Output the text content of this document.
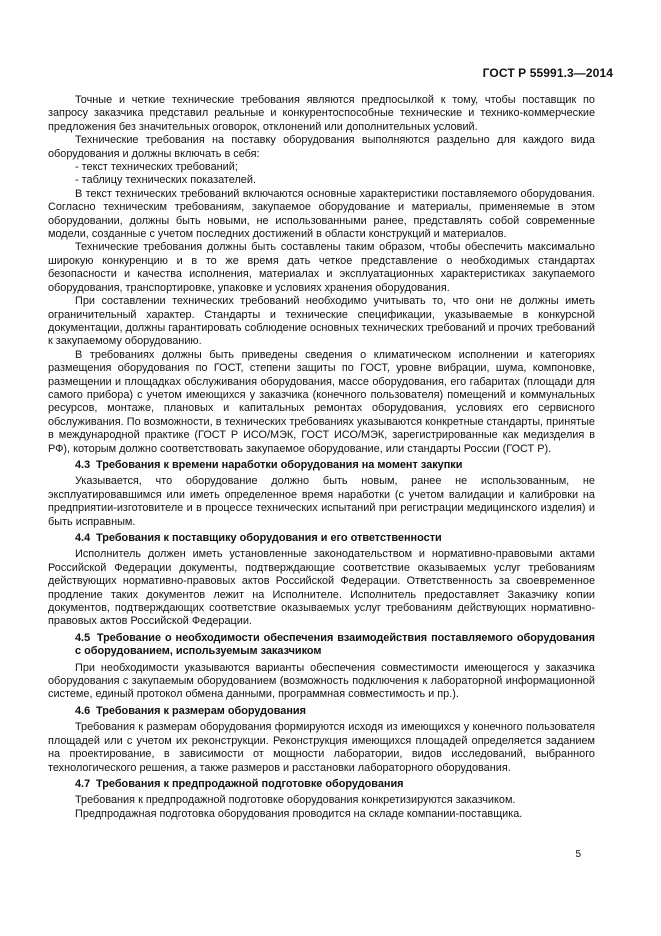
ГОСТ Р 55991.3—2014

Точные и четкие технические требования являются предпосылкой к тому, чтобы поставщик по запросу заказчика представил реальные и конкурентоспособные технические и технико-коммерческие предложения без значительных оговорок, отклонений или дополнительных условий.

Технические требования на поставку оборудования выполняются раздельно для каждого вида оборудования и должны включать в себя:

- текст технических требований;

- таблицу технических показателей.

В текст технических требований включаются основные характеристики поставляемого оборудования. Согласно техническим требованиям, закупаемое оборудование и материалы, применяемые в этом оборудовании, должны быть новыми, не использованными ранее, представлять собой современные модели, созданные с учетом последних достижений в области конструкций и материалов.

Технические требования должны быть составлены таким образом, чтобы обеспечить максимально широкую конкуренцию и в то же время дать четкое представление о необходимых стандартах безопасности и качества исполнения, материалах и эксплуатационных характеристиках закупаемого оборудования, транспортировке, упаковке и условиях хранения оборудования.

При составлении технических требований необходимо учитывать то, что они не должны иметь ограничительный характер. Стандарты и технические спецификации, указываемые в конкурсной документации, должны гарантировать соблюдение основных технических требований и прочих требований к закупаемому оборудованию.

В требованиях должны быть приведены сведения о климатическом исполнении и категориях размещения оборудования по ГОСТ, степени защиты по ГОСТ, уровне вибрации, шума, компоновке, размещении и площадках обслуживания оборудования, массе оборудования, его габаритах (площади для самого прибора) с учетом имеющихся у заказчика (конечного пользователя) помещений и коммунальных ресурсов, монтаже, плановых и капитальных ремонтах оборудования, условиях его сервисного обслуживания. По возможности, в технических требованиях указываются конкретные стандарты, принятые в международной практике (ГОСТ Р ИСО/МЭК, ГОСТ ИСО/МЭК, зарегистрированные как медизделия в РФ), которым должно соответствовать закупаемое оборудование, или стандарты России (ГОСТ Р).

4.3 Требования к времени наработки оборудования на момент закупки

Указывается, что оборудование должно быть новым, ранее не использованным, не эксплуатировавшимся или иметь определенное время наработки (с учетом валидации и калибровки на предприятии-изготовителе и в процессе технических испытаний при регистрации медицинского изделия) и быть исправным.

4.4 Требования к поставщику оборудования и его ответственности

Исполнитель должен иметь установленные законодательством и нормативно-правовыми актами Российской Федерации документы, подтверждающие соответствие оказываемых услуг требованиям действующих нормативно-правовых актов Российской Федерации. Ответственность за своевременное продление таких документов лежит на Исполнителе. Исполнитель предоставляет Заказчику копии документов, подтверждающих соответствие оказываемых услуг требованиям действующих нормативно-правовых актов Российской Федерации.

4.5 Требование о необходимости обеспечения взаимодействия поставляемого оборудования с оборудованием, используемым заказчиком

При необходимости указываются варианты обеспечения совместимости имеющегося у заказчика оборудования с закупаемым оборудованием (возможность подключения к лабораторной информационной системе, единый протокол обмена данными, программная совместимость и пр.).

4.6 Требования к размерам оборудования

Требования к размерам оборудования формируются исходя из имеющихся у конечного пользователя площадей или с учетом их реконструкции. Реконструкция имеющихся площадей определяется заданием на проектирование, в зависимости от мощности лаборатории, видов исследований, выбранного технологического решения, а также размеров и расстановки лабораторного оборудования.

4.7 Требования к предпродажной подготовке оборудования

Требования к предпродажной подготовке оборудования конкретизируются заказчиком.

Предпродажная подготовка оборудования проводится на складе компании-поставщика.

5
